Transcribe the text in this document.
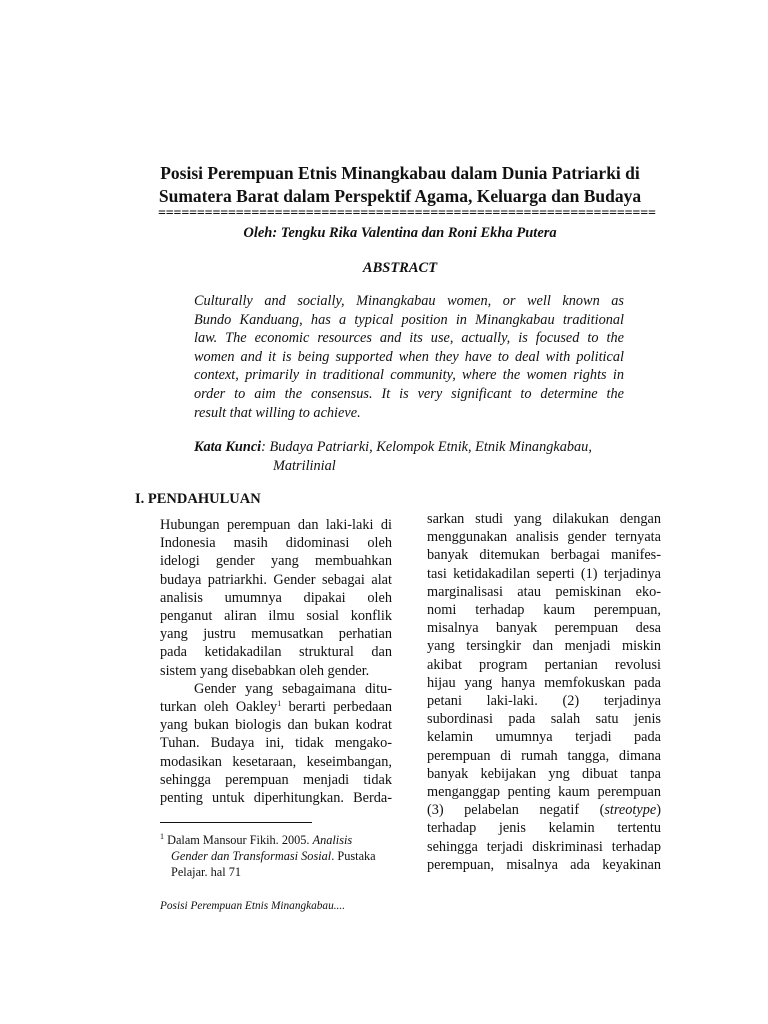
Posisi Perempuan Etnis Minangkabau dalam Dunia Patriarki di
Sumatera Barat dalam Perspektif Agama, Keluarga dan Budaya
================================================================
Oleh: Tengku Rika Valentina dan Roni Ekha Putera
ABSTRACT
Culturally and socially, Minangkabau women, or well known as
Bundo Kanduang, has a typical position in Minangkabau traditional
law. The economic resources and its use, actually, is focused to the
women and it is being supported when they have to deal with political
context, primarily in traditional community, where the women rights in
order to aim the consensus. It is very significant to determine the
result that willing to achieve.
Kata Kunci: Budaya Patriarki, Kelompok Etnik, Etnik Minangkabau,
Matrilinial
I. PENDAHULUAN
Hubungan perempuan dan laki-laki di
Indonesia masih didominasi oleh
idelogi gender yang membuahkan
budaya patriarkhi. Gender sebagai alat
analisis umumnya dipakai oleh
penganut aliran ilmu sosial konflik
yang justru memusatkan perhatian
pada ketidakadilan struktural dan
sistem yang disebabkan oleh gender.
Gender yang sebagaimana ditu-
turkan oleh Oakley$^1$ berarti perbedaan
yang bukan biologis dan bukan kodrat
Tuhan. Budaya ini, tidak mengako-
modasikan kesetaraan, keseimbangan,
sehingga perempuan menjadi tidak
penting untuk diperhitungkan. Berda-
sarkan studi yang dilakukan dengan
menggunakan analisis gender ternyata
banyak ditemukan berbagai manifes-
tasi ketidakadilan seperti (1) terjadinya
marginalisasi atau pemiskinan eko-
nomi terhadap kaum perempuan,
misalnya banyak perempuan desa
yang tersingkir dan menjadi miskin
akibat program pertanian revolusi
hijau yang hanya memfokuskan pada
petani laki-laki. (2) terjadinya
subordinasi pada salah satu jenis
kelamin umumnya terjadi pada
perempuan di rumah tangga, dimana
banyak kebijakan yng dibuat tanpa
menganggap penting kaum perempuan
(3) pelabelan negatif (streotype)
terhadap jenis kelamin tertentu
sehingga terjadi diskriminasi terhadap
perempuan, misalnya ada keyakinan
$^1$ Dalam Mansour Fikih. 2005. Analisis
Gender dan Transformasi Sosial. Pustaka
Pelajar. hal 71
Posisi Perempuan Etnis Minangkabau....
